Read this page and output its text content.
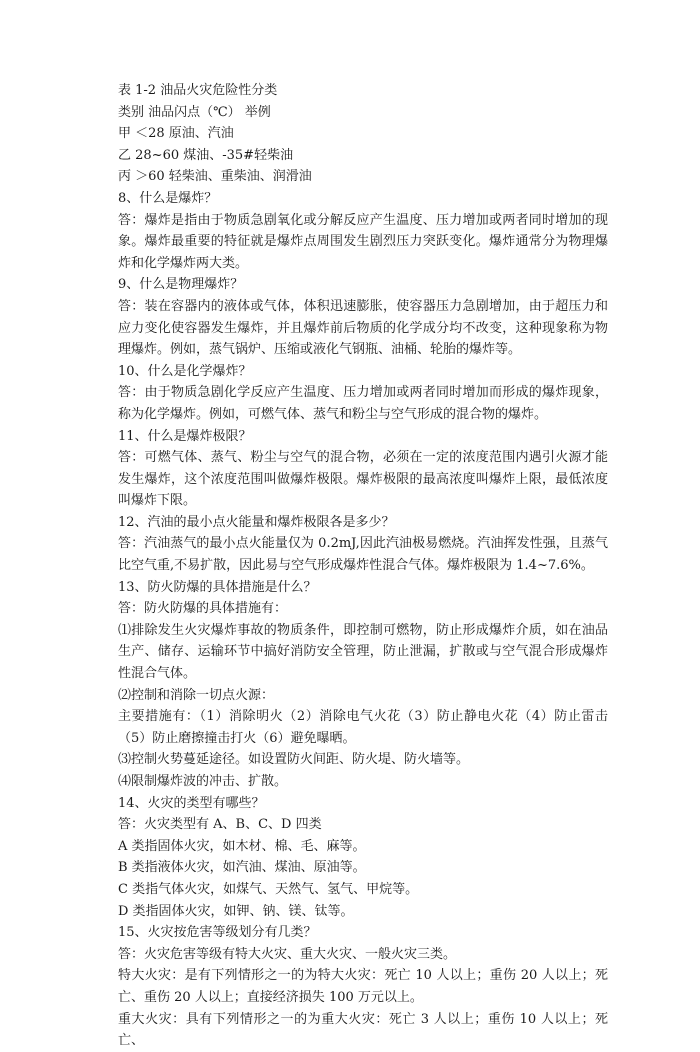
表 1-2 油品火灾危险性分类

类别 油品闪点（℃） 举例

甲 ＜28 原油、汽油

乙 28~60 煤油、-35#轻柴油

丙 ＞60 轻柴油、重柴油、润滑油

8、什么是爆炸？

答：爆炸是指由于物质急剧氧化或分解反应产生温度、压力增加或两者同时增加的现象。爆炸最重要的特征就是爆炸点周围发生剧烈压力突跃变化。爆炸通常分为物理爆炸和化学爆炸两大类。

9、什么是物理爆炸？

答：装在容器内的液体或气体，体积迅速膨胀，使容器压力急剧增加，由于超压力和应力变化使容器发生爆炸，并且爆炸前后物质的化学成分均不改变，这种现象称为物理爆炸。例如，蒸气锅炉、压缩或液化气钢瓶、油桶、轮胎的爆炸等。

10、什么是化学爆炸？

答：由于物质急剧化学反应产生温度、压力增加或两者同时增加而形成的爆炸现象，称为化学爆炸。例如，可燃气体、蒸气和粉尘与空气形成的混合物的爆炸。

11、什么是爆炸极限？

答：可燃气体、蒸气、粉尘与空气的混合物，必须在一定的浓度范围内遇引火源才能发生爆炸，这个浓度范围叫做爆炸极限。爆炸极限的最高浓度叫爆炸上限，最低浓度叫爆炸下限。

12、汽油的最小点火能量和爆炸极限各是多少？

答：汽油蒸气的最小点火能量仅为 0.2mJ,因此汽油极易燃烧。汽油挥发性强，且蒸气比空气重,不易扩散，因此易与空气形成爆炸性混合气体。爆炸极限为 1.4~7.6%。

13、防火防爆的具体措施是什么？

答：防火防爆的具体措施有：

⑴排除发生火灾爆炸事故的物质条件，即控制可燃物，防止形成爆炸介质，如在油品生产、储存、运输环节中搞好消防安全管理，防止泄漏，扩散或与空气混合形成爆炸性混合气体。

⑵控制和消除一切点火源：

主要措施有：（1）消除明火（2）消除电气火花（3）防止静电火花（4）防止雷击（5）防止磨擦撞击打火（6）避免曝晒。

⑶控制火势蔓延途径。如设置防火间距、防火堤、防火墙等。

⑷限制爆炸波的冲击、扩散。

14、火灾的类型有哪些？

答：火灾类型有 A、B、C、D 四类

A 类指固体火灾，如木材、棉、毛、麻等。

B 类指液体火灾，如汽油、煤油、原油等。

C 类指气体火灾，如煤气、天然气、氢气、甲烷等。

D 类指固体火灾，如钾、钠、镁、钛等。

15、火灾按危害等级划分有几类？

答：火灾危害等级有特大火灾、重大火灾、一般火灾三类。

特大火灾：是有下列情形之一的为特大火灾：死亡 10 人以上；重伤 20 人以上；死亡、重伤 20 人以上；直接经济损失 100 万元以上。

重大火灾：具有下列情形之一的为重大火灾：死亡 3 人以上；重伤 10 人以上；死亡、
